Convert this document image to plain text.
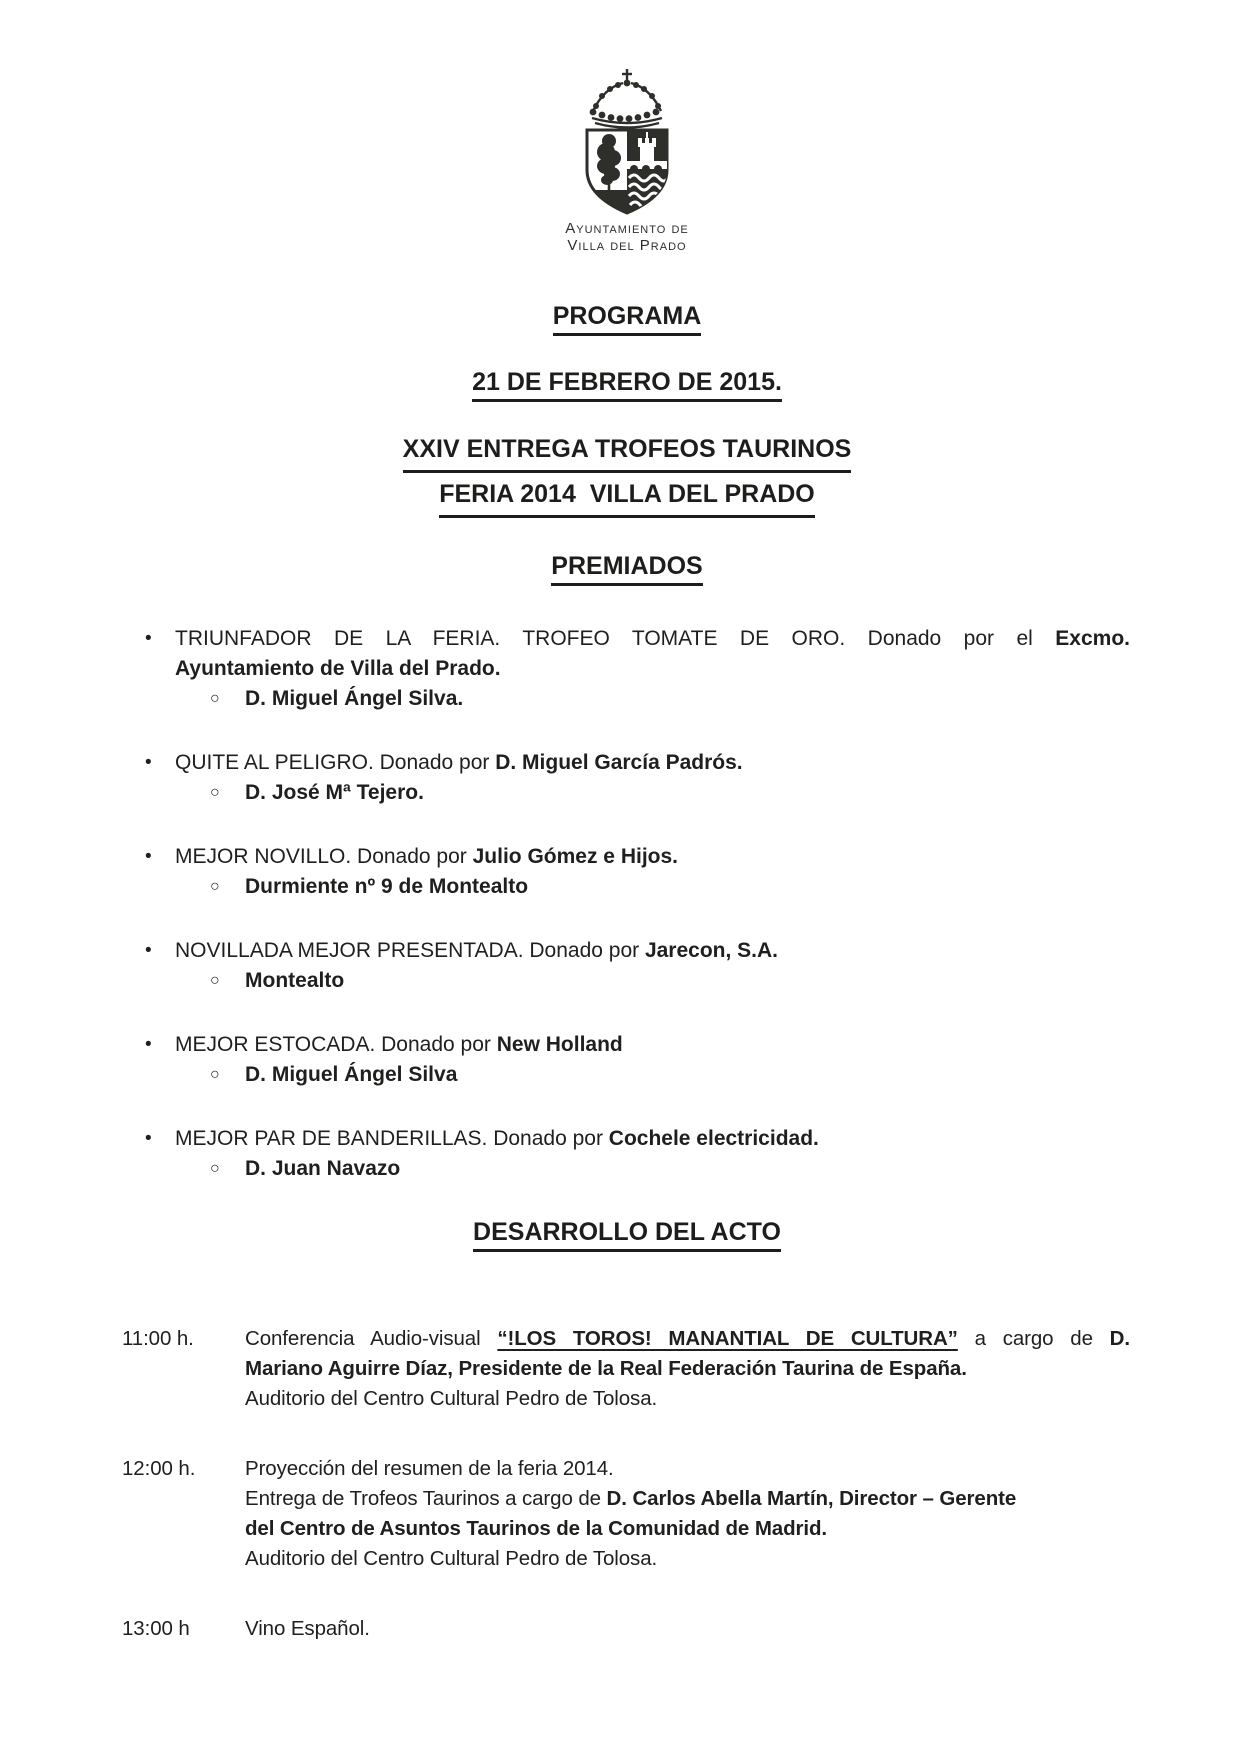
Ayuntamiento de
Villa del Prado
PROGRAMA
21 DE FEBRERO DE 2015.
XXIV ENTREGA TROFEOS TAURINOS
FERIA 2014  VILLA DEL PRADO
PREMIADOS
•	TRIUNFADOR DE LA FERIA. TROFEO TOMATE DE ORO. Donado por el Excmo.
Ayuntamiento de Villa del Prado.
○	D. Miguel Ángel Silva.
•	QUITE AL PELIGRO. Donado por D. Miguel García Padrós.
○	D. José Mª Tejero.
•	MEJOR NOVILLO. Donado por Julio Gómez e Hijos.
○	Durmiente nº 9 de Montealto
•	NOVILLADA MEJOR PRESENTADA. Donado por Jarecon, S.A.
○	Montealto
•	MEJOR ESTOCADA. Donado por New Holland
○	D. Miguel Ángel Silva
•	MEJOR PAR DE BANDERILLAS. Donado por Cochele electricidad.
○	D. Juan Navazo
DESARROLLO DEL ACTO
11:00 h.	Conferencia Audio-visual “!LOS TOROS! MANANTIAL DE CULTURA” a cargo de D.
Mariano Aguirre Díaz, Presidente de la Real Federación Taurina de España.
Auditorio del Centro Cultural Pedro de Tolosa.
12:00 h.	Proyección del resumen de la feria 2014.
Entrega de Trofeos Taurinos a cargo de D. Carlos Abella Martín, Director – Gerente
del Centro de Asuntos Taurinos de la Comunidad de Madrid.
Auditorio del Centro Cultural Pedro de Tolosa.
13:00 h	Vino Español.
